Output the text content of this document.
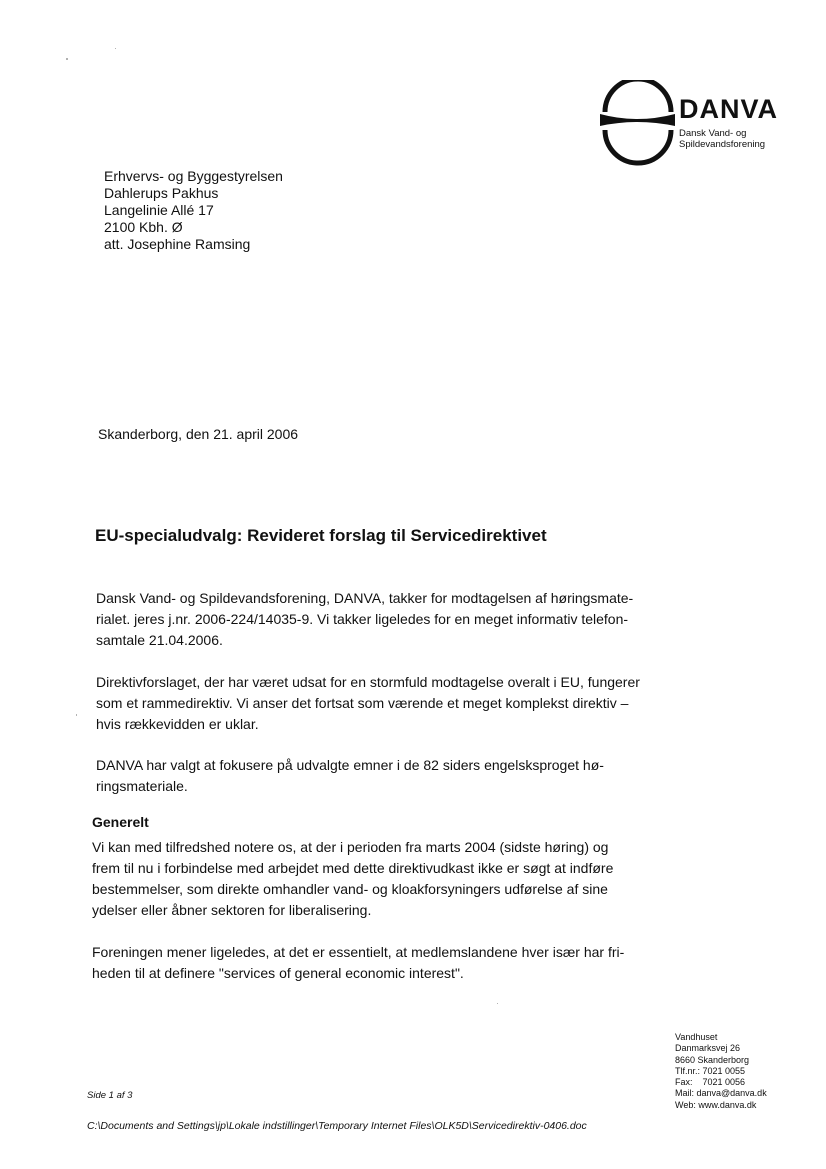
DANVA
Dansk Vand- og
Spildevandsforening
Erhvervs- og Byggestyrelsen
Dahlerups Pakhus
Langelinie Allé 17
2100 Kbh. Ø
att. Josephine Ramsing
Skanderborg, den 21. april 2006
EU-specialudvalg: Revideret forslag til Servicedirektivet
Dansk Vand- og Spildevandsforening, DANVA, takker for modtagelsen af høringsmate-
rialet. jeres j.nr. 2006-224/14035-9. Vi takker ligeledes for en meget informativ telefon-
samtale 21.04.2006.
Direktivforslaget, der har været udsat for en stormfuld modtagelse overalt i EU, fungerer
som et rammedirektiv. Vi anser det fortsat som værende et meget komplekst direktiv –
hvis rækkevidden er uklar.
DANVA har valgt at fokusere på udvalgte emner i de 82 siders engelsksproget hø-
ringsmateriale.
Generelt
Vi kan med tilfredshed notere os, at der i perioden fra marts 2004 (sidste høring) og
frem til nu i forbindelse med arbejdet med dette direktivudkast ikke er søgt at indføre
bestemmelser, som direkte omhandler vand- og kloakforsyningers udførelse af sine
ydelser eller åbner sektoren for liberalisering.
Foreningen mener ligeledes, at det er essentielt, at medlemslandene hver især har fri-
heden til at definere "services of general economic interest".
Vandhuset
Danmarksvej 26
8660 Skanderborg
Tlf.nr.: 7021 0055
Fax:    7021 0056
Mail: danva@danva.dk
Web: www.danva.dk
Side 1 af 3
C:\Documents and Settings\jp\Lokale indstillinger\Temporary Internet Files\OLK5D\Servicedirektiv-0406.doc
